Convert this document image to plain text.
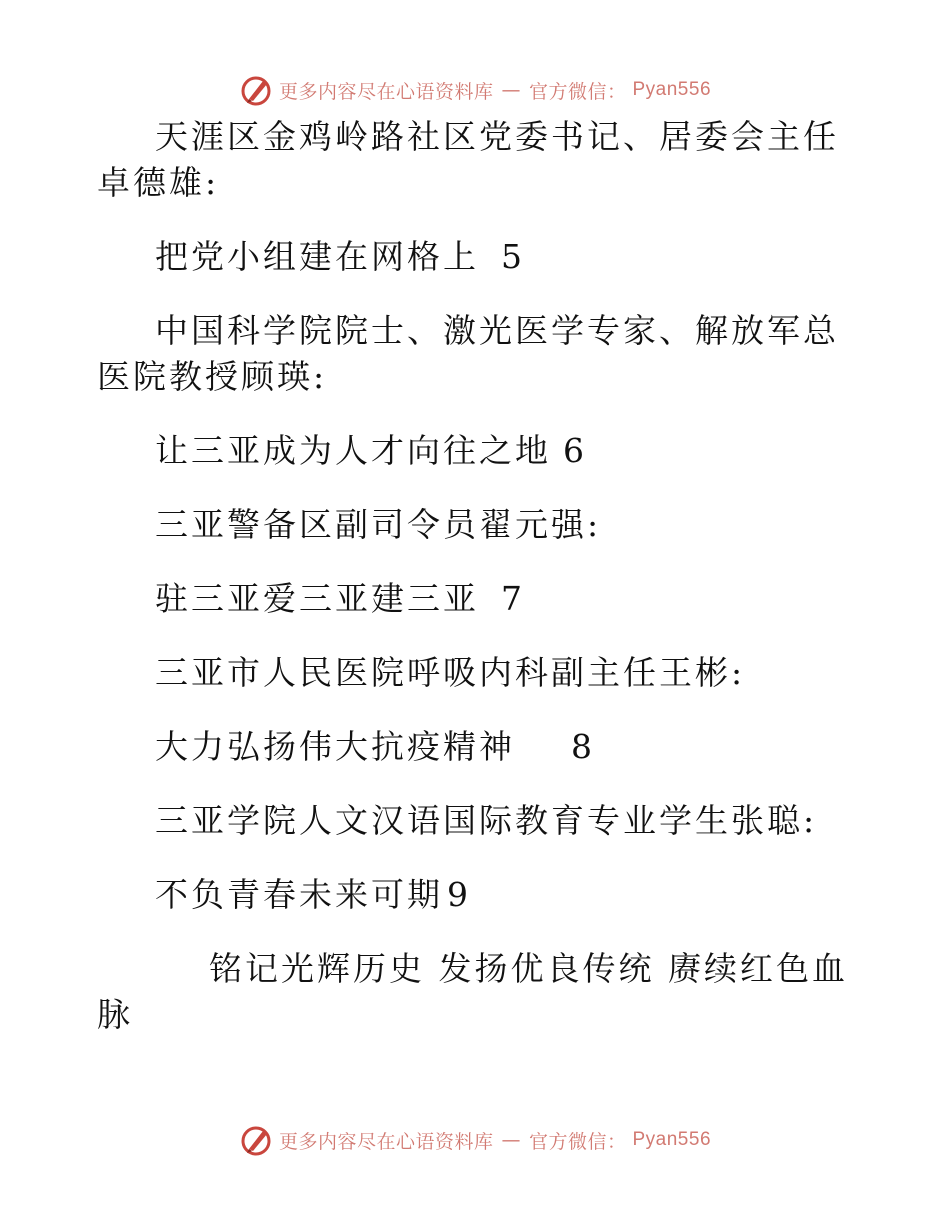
更多内容尽在心语资料库 — 官方微信： Pyan556

天涯区金鸡岭路社区党委书记、居委会主任卓德雄:

把党小组建在网格上 5

中国科学院院士、激光医学专家、解放军总医院教授顾瑛:

让三亚成为人才向往之地 6

三亚警备区副司令员翟元强:

驻三亚爱三亚建三亚 7

三亚市人民医院呼吸内科副主任王彬:

大力弘扬伟大抗疫精神 8

三亚学院人文汉语国际教育专业学生张聪:

不负青春未来可期 9

铭记光辉历史 发扬优良传统 赓续红色血脉

更多内容尽在心语资料库 — 官方微信： Pyan556
